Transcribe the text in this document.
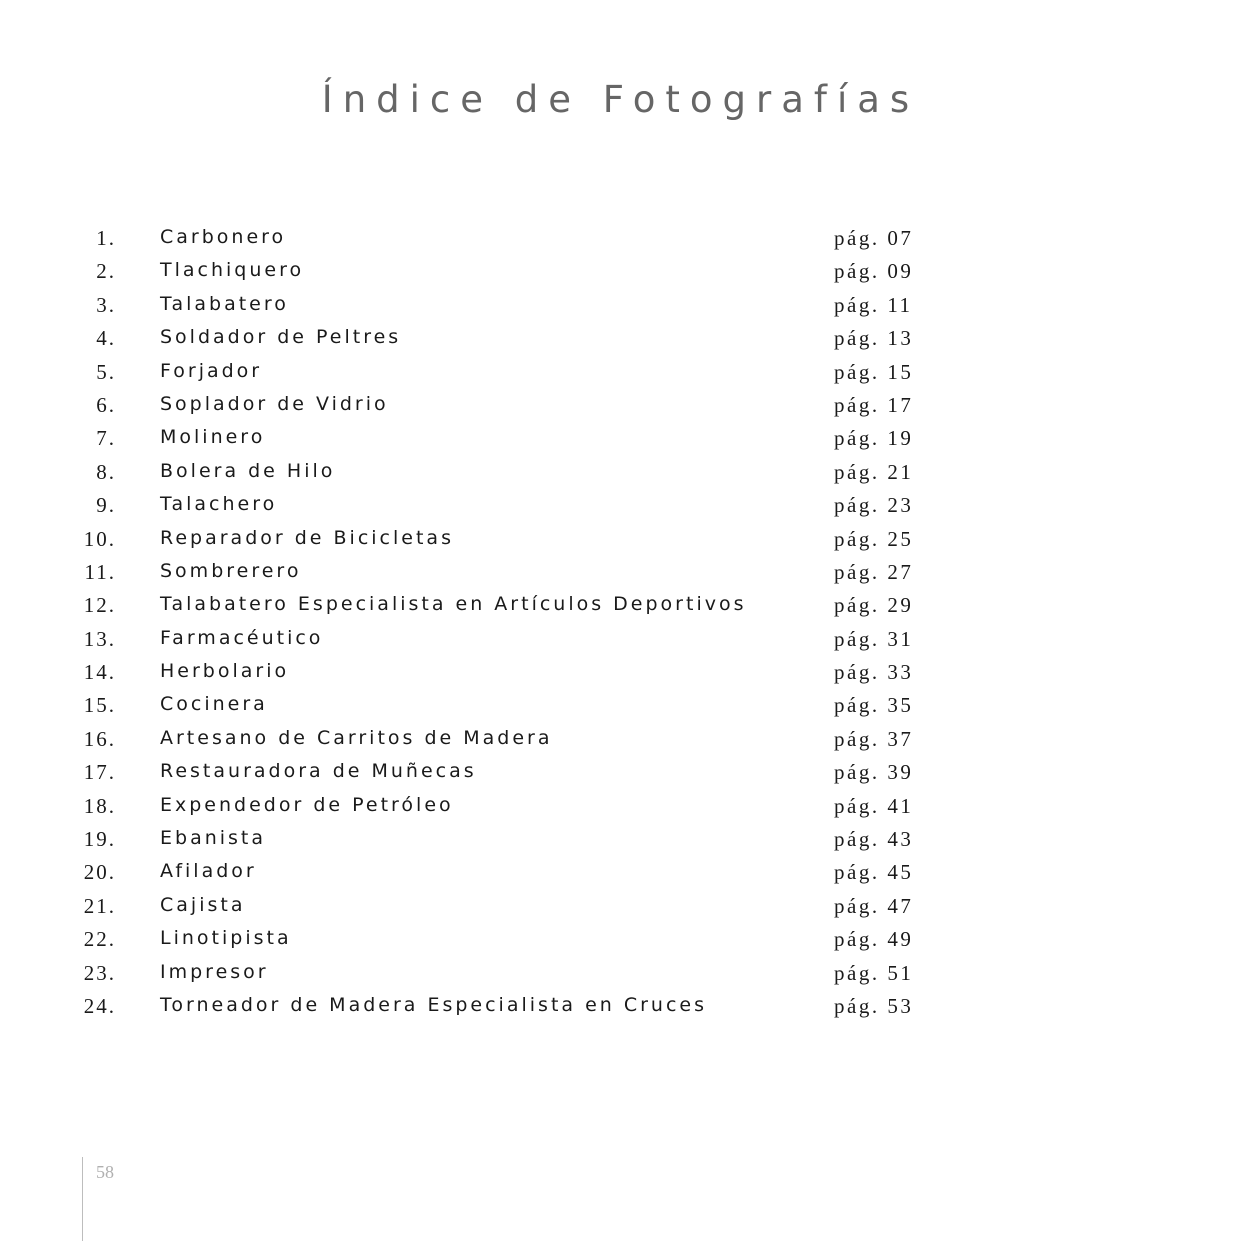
Índice de Fotografías
1. Carbonero	pág. 07
2. Tlachiquero	pág. 09
3. Talabatero	pág. 11
4. Soldador de Peltres	pág. 13
5. Forjador	pág. 15
6. Soplador de Vidrio	pág. 17
7. Molinero	pág. 19
8. Bolera de Hilo	pág. 21
9. Talachero	pág. 23
10. Reparador de Bicicletas	pág. 25
11. Sombrerero	pág. 27
12. Talabatero Especialista en Artículos Deportivos	pág. 29
13. Farmacéutico	pág. 31
14. Herbolario	pág. 33
15. Cocinera	pág. 35
16. Artesano de Carritos de Madera	pág. 37
17. Restauradora de Muñecas	pág. 39
18. Expendedor de Petróleo	pág. 41
19. Ebanista	pág. 43
20. Afilador	pág. 45
21. Cajista	pág. 47
22. Linotipista	pág. 49
23. Impresor	pág. 51
24. Torneador de Madera Especialista en Cruces	pág. 53
58
